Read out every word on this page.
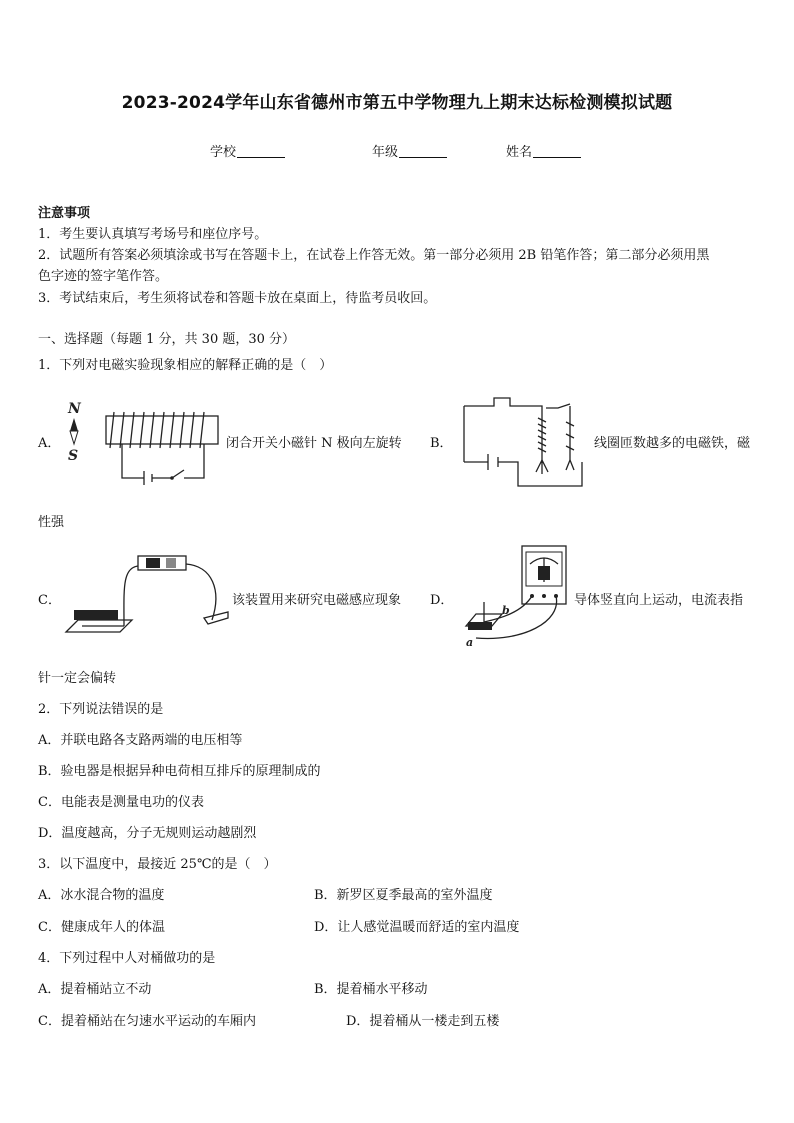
2023-2024学年山东省德州市第五中学物理九上期末达标检测模拟试题
学校	年级	姓名
注意事项
1．考生要认真填写考场号和座位序号。
2．试题所有答案必须填涂或书写在答题卡上，在试卷上作答无效。第一部分必须用 2B 铅笔作答；第二部分必须用黑
色字迹的签字笔作答。
3．考试结束后，考生须将试卷和答题卡放在桌面上，待监考员收回。
一、选择题（每题 1 分，共 30 题，30 分）
1．下列对电磁实验现象相应的解释正确的是（　）
A．
N
S
闭合开关小磁针 N 极向左旋转 B．	线圈匝数越多的电磁铁，磁
性强
C．	该装置用来研究电磁感应现象 D．
b
a
导体竖直向上运动，电流表指
针一定会偏转
2．下列说法错误的是
A．并联电路各支路两端的电压相等
B．验电器是根据异种电荷相互排斥的原理制成的
C．电能表是测量电功的仪表
D．温度越高，分子无规则运动越剧烈
3．以下温度中，最接近 25℃的是（　）
A．冰水混合物的温度	B．新罗区夏季最高的室外温度
C．健康成年人的体温	D．让人感觉温暖而舒适的室内温度
4．下列过程中人对桶做功的是
A．提着桶站立不动	B．提着桶水平移动
C．提着桶站在匀速水平运动的车厢内	D．提着桶从一楼走到五楼
